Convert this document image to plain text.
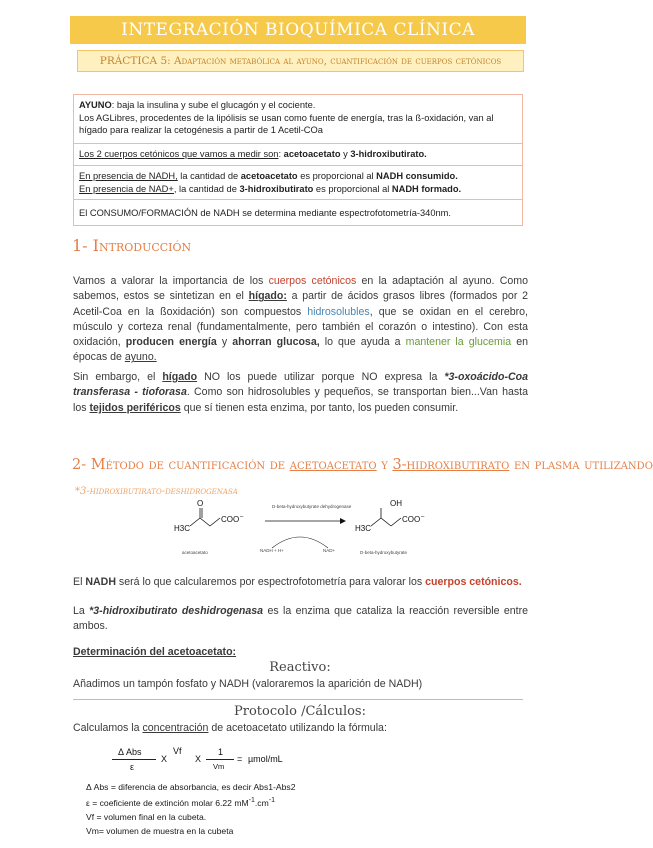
INTEGRACIÓN BIOQUÍMICA CLÍNICA
PRÁCTICA 5: Adaptación metabólica al ayuno, cuantificación de cuerpos cetónicos

AYUNO: baja la insulina y sube el glucagón y el cociente.

Los AGLibres, procedentes de la lipólisis se usan como fuente de energía, tras la ß-oxidación, van al hígado para realizar la cetogénesis a partir de 1 Acetil-COa

Los 2 cuerpos cetónicos que vamos a medir son: acetoacetato y 3-hidroxibutirato.

En presencia de NADH, la cantidad de acetoacetato es proporcional al NADH consumido.

En presencia de NAD+, la cantidad de 3-hidroxibutirato es proporcional al NADH formado.

El CONSUMO/FORMACIÓN de NADH se determina mediante espectrofotometría-340nm.

1- Introducción

Vamos a valorar la importancia de los cuerpos cetónicos en la adaptación al ayuno. Como sabemos, estos se sintetizan en el hígado: a partir de ácidos grasos libres (formados por 2 Acetil-Coa en la ßoxidación) son compuestos hidrosolubles, que se oxidan en el cerebro, músculo y corteza renal (fundamentalmente, pero también el corazón o intestino). Con esta oxidación, producen energía y ahorran glucosa, lo que ayuda a mantener la glucemia en épocas de ayuno.

Sin embargo, el hígado NO los puede utilizar porque NO expresa la *3-oxoácido-Coa transferasa - tioforasa. Como son hidrosolubles y pequeños, se transportan bien...Van hasta los tejidos periféricos que sí tienen esta enzima, por tanto, los pueden consumir.

2- Método de cuantificación de acetoacetato y 3-hidroxibutirato en plasma utilizando
*3-hidroxibutirato-deshidrogenasa
H3C
O
COO –
acetoacetato
D-beta-hydroxybutyrate dehydrogenase
NADH + H+	NAD+
H3C
OH
COO –
D-beta-hydroxybutyrate

El NADH será lo que calcularemos por espectrofotometría para valorar los cuerpos cetónicos.

La *3-hidroxibutirato deshidrogenasa es la enzima que cataliza la reacción reversible entre ambos.

Determinación del acetoacetato:

Reactivo:

Añadimos un tampón fosfato y NADH (valoraremos la aparición de NADH)

Protocolo /Cálculos:

Calculamos la concentración de acetoacetato utilizando la fórmula:

Δ Abs
ε
X
Vf
X
1
Vm
= µmol/mL

Δ Abs = diferencia de absorbancia, es decir Abs1-Abs2

ε = coeficiente de extinción molar 6.22 $mM^{-1}.cm^{-1}$

Vf = volumen final en la cubeta.

Vm= volumen de muestra en la cubeta
